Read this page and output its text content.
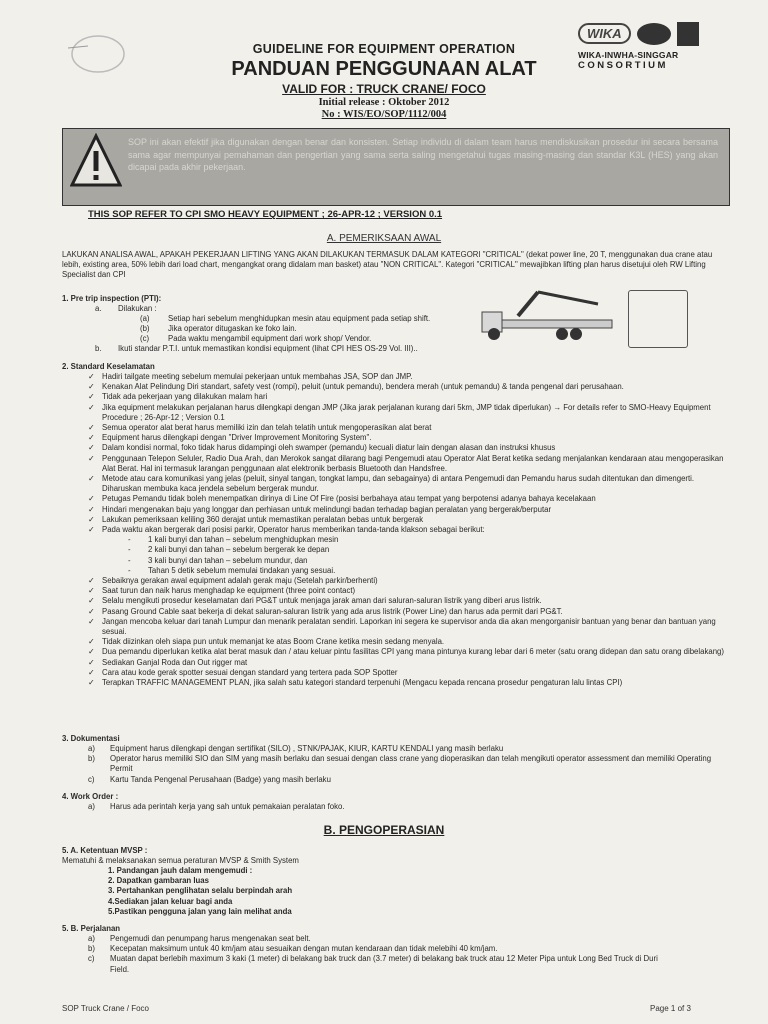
GUIDELINE FOR EQUIPMENT OPERATION
PANDUAN PENGGUNAAN ALAT
VALID FOR : TRUCK CRANE/ FOCO
Initial release : Oktober 2012
No : WIS/EO/SOP/1112/004
WIKA
WIKA-INWHA-SINGGAR
CONSORTIUM
SOP ini akan efektif jika digunakan dengan benar dan konsisten. Setiap individu di dalam team harus mendiskusikan prosedur ini secara bersama sama agar mempunyai pemahaman dan pengertian yang sama serta saling mengetahui tugas masing-masing dan standar K3L (HES) yang akan dicapai pada akhir pekerjaan.
THIS SOP REFER TO CPI SMO HEAVY EQUIPMENT ; 26-APR-12 ; VERSION 0.1
A. PEMERIKSAAN AWAL
LAKUKAN ANALISA AWAL, APAKAH PEKERJAAN LIFTING YANG AKAN DILAKUKAN TERMASUK DALAM KATEGORI "CRITICAL" (dekat power line, 20 T, menggunakan dua crane atau lebih, existing area, 50% lebih dari load chart, mengangkat orang didalam man basket) atau "NON CRITICAL". Kategori "CRITICAL" mewajibkan lifting plan harus disetujui oleh RW Lifting Specialist dan CPI
1. Pre trip inspection (PTI):
a. Dilakukan :
(a) Setiap hari sebelum menghidupkan mesin atau equipment pada setiap shift.
(b) Jika operator ditugaskan ke foko lain.
(c) Pada waktu mengambil equipment dari work shop/ Vendor.
b. Ikuti standar P.T.I. untuk memastikan kondisi equipment (lihat CPI HES OS-29 Vol. III)..
2. Standard Keselamatan
✓ Hadiri tailgate meeting sebelum memulai pekerjaan untuk membahas JSA, SOP dan JMP.
✓ Kenakan Alat Pelindung Diri standart, safety vest (rompi), peluit (untuk pemandu), bendera merah (untuk pemandu) & tanda pengenal dari perusahaan.
✓ Tidak ada pekerjaan yang dilakukan malam hari
✓ Jika equipment melakukan perjalanan harus dilengkapi dengan JMP (Jika jarak perjalanan kurang dari 5km, JMP tidak diperlukan) → For details refer to SMO-Heavy Equipment Procedure ; 26-Apr-12 ; Version 0.1
✓ Semua operator alat berat harus memiliki izin dan telah telatih untuk mengoperasikan alat berat
✓ Equipment harus dilengkapi dengan "Driver Improvement Monitoring System".
✓ Dalam kondisi normal, foko tidak harus didampingi oleh swamper (pemandu) kecuali diatur lain dengan alasan dan instruksi khusus
✓ Penggunaan Telepon Seluler, Radio Dua Arah, dan Merokok sangat dilarang bagi Pengemudi atau Operator Alat Berat ketika sedang menjalankan kendaraan atau mengoperasikan Alat Berat. Hal ini termasuk larangan penggunaan alat elektronik berbasis Bluetooth dan Handsfree.
✓ Metode atau cara komunikasi yang jelas (peluit, sinyal tangan, tongkat lampu, dan sebagainya) di antara Pengemudi dan Pemandu harus sudah ditentukan dan dimengerti. Diharuskan membuka kaca jendela sebelum bergerak mundur.
✓ Petugas Pemandu tidak boleh menempatkan dirinya di Line Of Fire (posisi berbahaya atau tempat yang berpotensi adanya bahaya kecelakaan
✓ Hindari mengenakan baju yang longgar dan perhiasan untuk melindungi badan terhadap bagian peralatan yang bergerak/berputar
✓ Lakukan pemeriksaan keliling 360 derajat untuk memastikan peralatan bebas untuk bergerak
✓ Pada waktu akan bergerak dari posisi parkir, Operator harus memberikan tanda-tanda klakson sebagai berikut:
-	1 kali bunyi dan tahan – sebelum menghidupkan mesin
-	2 kali bunyi dan tahan – sebelum bergerak ke depan
-	3 kali bunyi dan tahan – sebelum mundur, dan
-	Tahan 5 detik sebelum memulai tindakan yang sesuai.
✓ Sebaiknya gerakan awal equipment adalah gerak maju (Setelah parkir/berhenti)
✓ Saat turun dan naik harus menghadap ke equipment (three point contact)
✓ Selalu mengikuti prosedur keselamatan dari PG&T untuk menjaga jarak aman dari saluran-saluran listrik yang diberi arus listrik.
✓ Pasang Ground Cable saat bekerja di dekat saluran-saluran listrik yang ada arus listrik (Power Line) dan harus ada permit dari PG&T.
✓ Jangan mencoba keluar dari tanah Lumpur dan menarik peralatan sendiri. Laporkan ini segera ke supervisor anda dia akan mengorganisir bantuan yang benar dan bantuan yang sesuai.
✓ Tidak diizinkan oleh siapa pun untuk memanjat ke atas Boom Crane ketika mesin sedang menyala.
✓ Dua pemandu diperlukan ketika alat berat masuk dan / atau keluar pintu fasilitas CPI yang mana pintunya kurang lebar dari 6 meter (satu orang didepan dan satu orang dibelakang)
✓ Sediakan Ganjal Roda dan Out rigger mat
✓ Cara atau kode gerak spotter sesuai dengan standard yang tertera pada SOP Spotter
✓ Terapkan TRAFFIC MANAGEMENT PLAN, jika salah satu kategori standard terpenuhi (Mengacu kepada rencana prosedur pengaturan lalu lintas CPI)
3. Dokumentasi
a)	Equipment harus dilengkapi dengan sertifikat (SILO) , STNK/PAJAK, KIUR, KARTU KENDALI yang masih berlaku
b)	Operator harus memiliki SIO dan SIM yang masih berlaku dan sesuai dengan class crane yang dioperasikan dan telah mengikuti operator assessment dan memiliki Operating Permit
c)	Kartu Tanda Pengenal Perusahaan (Badge) yang masih berlaku
4. Work Order :
a)	Harus ada perintah kerja yang sah untuk pemakaian peralatan foko.
B. PENGOPERASIAN
5. A. Ketentuan MVSP :
Mematuhi & melaksanakan semua peraturan MVSP & Smith System
1. Pandangan jauh dalam mengemudi :
2. Dapatkan gambaran luas
3. Pertahankan penglihatan selalu berpindah arah
4.Sediakan jalan keluar bagi anda
5.Pastikan pengguna jalan yang lain melihat anda
5. B. Perjalanan
a)	Pengemudi dan penumpang harus mengenakan seat belt.
b)	Kecepatan maksimum untuk 40 km/jam atau sesuaikan dengan mutan kendaraan dan tidak melebihi 40 km/jam.
c)	Muatan dapat berlebih maximum 3 kaki (1 meter) di belakang bak truck dan (3.7 meter) di belakang bak truck atau 12 Meter Pipa untuk Long Bed Truck di Duri Field.
SOP Truck Crane / Foco	Page 1 of 3
